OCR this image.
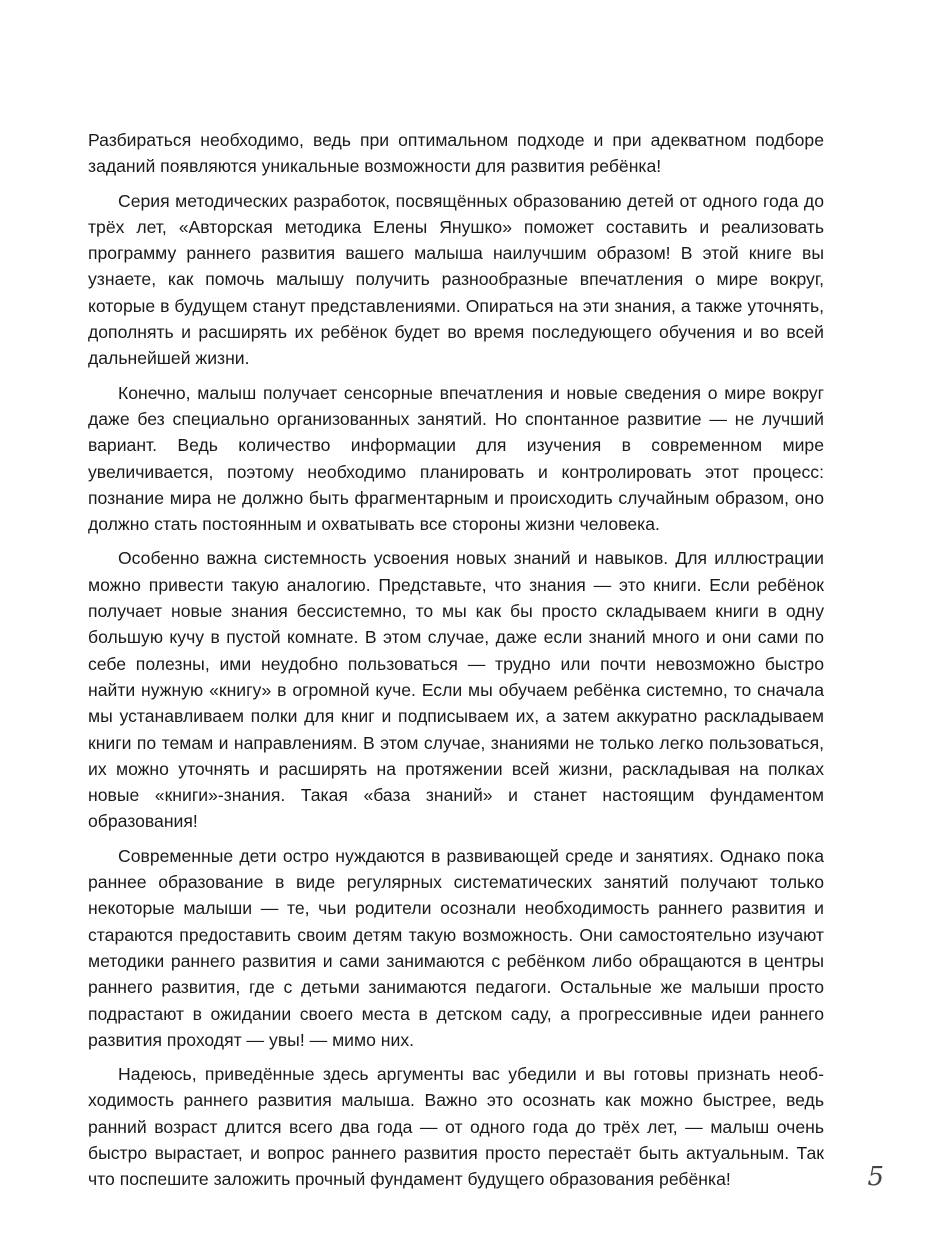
Разбираться необходимо, ведь при оптимальном подходе и при адекватном подборе заданий появляются уникальные возможности для развития ребёнка!

Серия методических разработок, посвящённых образованию детей от одного года до трёх лет, «Авторская методика Елены Янушко» поможет составить и реализовать программу раннего развития вашего малыша наилучшим образом! В этой книге вы узнаете, как помочь малышу получить разнообразные впечатления о мире вокруг, которые в будущем станут представлениями. Опираться на эти знания, а также уточнять, дополнять и расширять их ребёнок будет во время последующего обучения и во всей дальнейшей жизни.

Конечно, малыш получает сенсорные впечатления и новые сведения о мире вокруг даже без специально организованных занятий. Но спонтанное развитие — не лучший вариант. Ведь количество информации для изучения в современном мире увеличивается, поэтому необходимо планировать и контролировать этот процесс: познание мира не должно быть фрагментарным и происходить случайным образом, оно должно стать постоянным и охватывать все стороны жизни человека.

Особенно важна системность усвоения новых знаний и навыков. Для иллюстрации можно привести такую аналогию. Представьте, что знания — это книги. Если ребёнок получает новые знания бессистемно, то мы как бы просто складываем книги в одну большую кучу в пустой комнате. В этом случае, даже если знаний много и они сами по себе полезны, ими неудобно пользоваться — трудно или почти невозможно быстро найти нужную «книгу» в огромной куче. Если мы обучаем ребёнка системно, то сначала мы устанавливаем полки для книг и подписываем их, а затем аккуратно раскладываем книги по темам и направлениям. В этом случае, знаниями не только легко пользоваться, их можно уточнять и расширять на протяжении всей жизни, раскладывая на полках новые «книги»-знания. Такая «база знаний» и станет настоящим фундаментом образования!

Современные дети остро нуждаются в развивающей среде и занятиях. Однако пока раннее образование в виде регулярных систематических занятий получают только некоторые малыши — те, чьи родители осознали необходимость раннего развития и стараются предоставить своим детям такую возможность. Они самостоятельно изучают методики раннего развития и сами занимаются с ребёнком либо обращаются в центры раннего развития, где с детьми занимаются педагоги. Остальные же малыши просто подрастают в ожидании своего места в детском саду, а прогрессивные идеи раннего развития проходят — увы! — мимо них.

Надеюсь, приведённые здесь аргументы вас убедили и вы готовы признать необходимость раннего развития малыша. Важно это осознать как можно быстрее, ведь ранний возраст длится всего два года — от одного года до трёх лет, — малыш очень быстро вырастает, и вопрос раннего развития просто перестаёт быть актуальным. Так что поспешите заложить прочный фундамент будущего образования ребёнка!	5
